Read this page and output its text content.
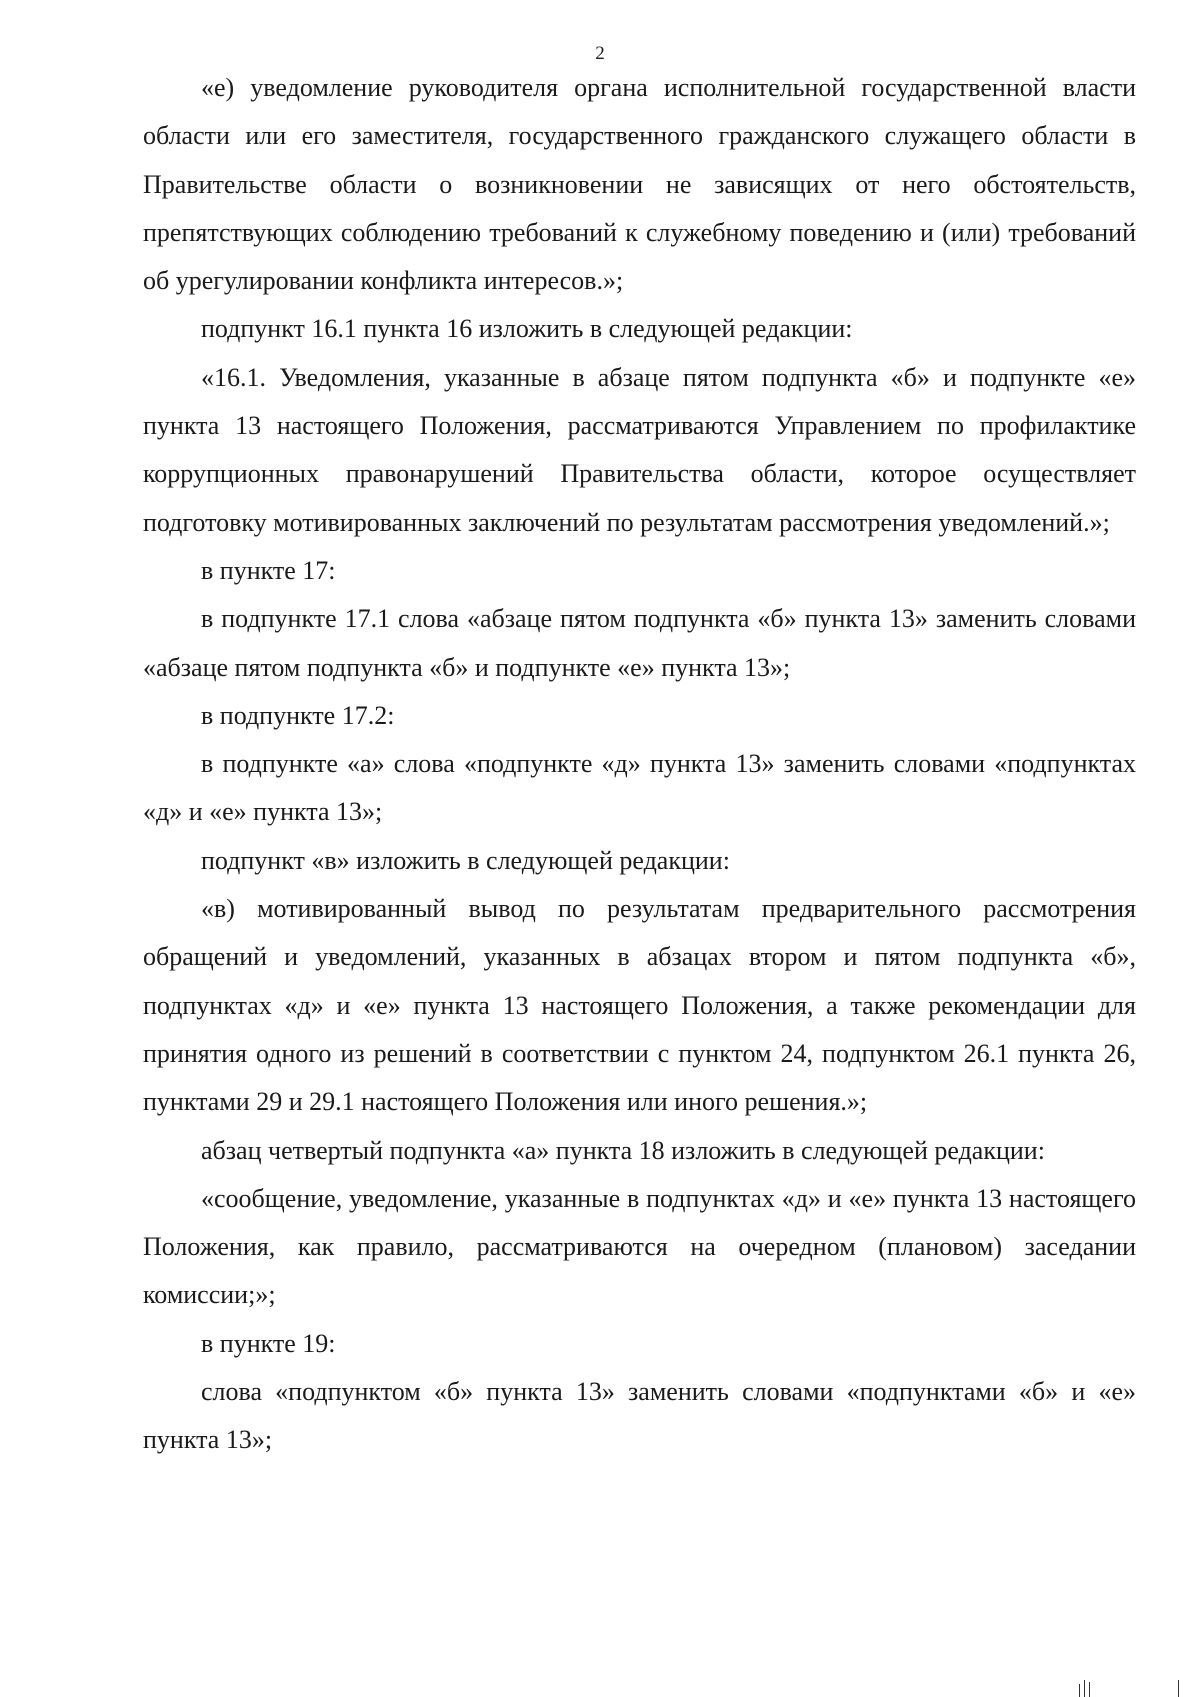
2

«е) уведомление руководителя органа исполнительной государственной власти области или его заместителя, государственного гражданского служащего области в Правительстве области о возникновении не зависящих от него обстоятельств, препятствующих соблюдению требований к служебному поведению и (или) требований об урегулировании конфликта интересов.»;

подпункт 16.1 пункта 16 изложить в следующей редакции:

«16.1. Уведомления, указанные в абзаце пятом подпункта «б» и подпункте «е» пункта 13 настоящего Положения, рассматриваются Управлением по профилактике коррупционных правонарушений Правительства области, которое осуществляет подготовку мотивированных заключений по результатам рассмотрения уведомлений.»;

в пункте 17:

в подпункте 17.1 слова «абзаце пятом подпункта «б» пункта 13» заменить словами «абзаце пятом подпункта «б» и подпункте «е» пункта 13»;

в подпункте 17.2:

в подпункте «а» слова «подпункте «д» пункта 13» заменить словами «подпунктах «д» и «е» пункта 13»;

подпункт «в» изложить в следующей редакции:

«в) мотивированный вывод по результатам предварительного рассмотрения обращений и уведомлений, указанных в абзацах втором и пятом подпункта «б», подпунктах «д» и «е» пункта 13 настоящего Положения, а также рекомендации для принятия одного из решений в соответствии с пунктом 24, подпунктом 26.1 пункта 26, пунктами 29 и 29.1 настоящего Положения или иного решения.»;

абзац четвертый подпункта «а» пункта 18 изложить в следующей редакции:

«сообщение, уведомление, указанные в подпунктах «д» и «е» пункта 13 настоящего Положения, как правило, рассматриваются на очередном (плановом) заседании комиссии;»;

в пункте 19:

слова «подпунктом «б» пункта 13» заменить словами «подпунктами «б» и «е» пункта 13»;
